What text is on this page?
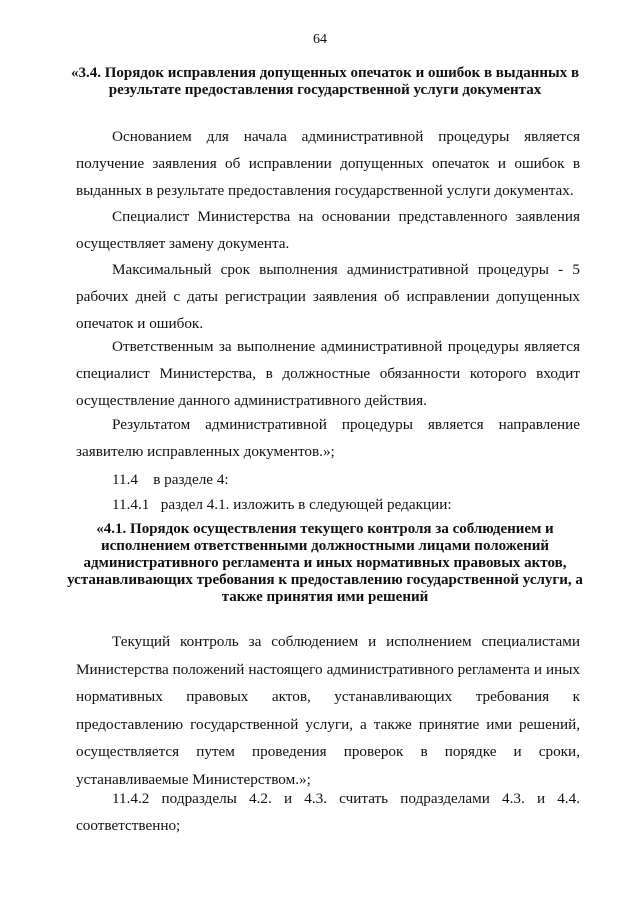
64
«3.4. Порядок исправления допущенных опечаток и ошибок в выданных в результате предоставления государственной услуги документах

Основанием для начала административной процедуры является получение заявления об исправлении допущенных опечаток и ошибок в выданных в результате предоставления государственной услуги документах.

Специалист Министерства на основании представленного заявления осуществляет замену документа.

Максимальный срок выполнения административной процедуры - 5 рабочих дней с даты регистрации заявления об исправлении допущенных опечаток и ошибок.

Ответственным за выполнение административной процедуры является специалист Министерства, в должностные обязанности которого входит осуществление данного административного действия.

Результатом административной процедуры является направление заявителю исправленных документов.»;

11.4    в разделе 4:
11.4.1   раздел 4.1. изложить в следующей редакции:
«4.1. Порядок осуществления текущего контроля за соблюдением и исполнением ответственными должностными лицами положений административного регламента и иных нормативных правовых актов, устанавливающих требования к предоставлению государственной услуги, а также принятия ими решений

Текущий контроль за соблюдением и исполнением специалистами Министерства положений настоящего административного регламента и иных нормативных правовых актов, устанавливающих требования к предоставлению государственной услуги, а также принятие ими решений, осуществляется путем проведения проверок в порядке и сроки, устанавливаемые Министерством.»;

11.4.2 подразделы 4.2. и 4.3. считать подразделами 4.3. и 4.4. соответственно;
